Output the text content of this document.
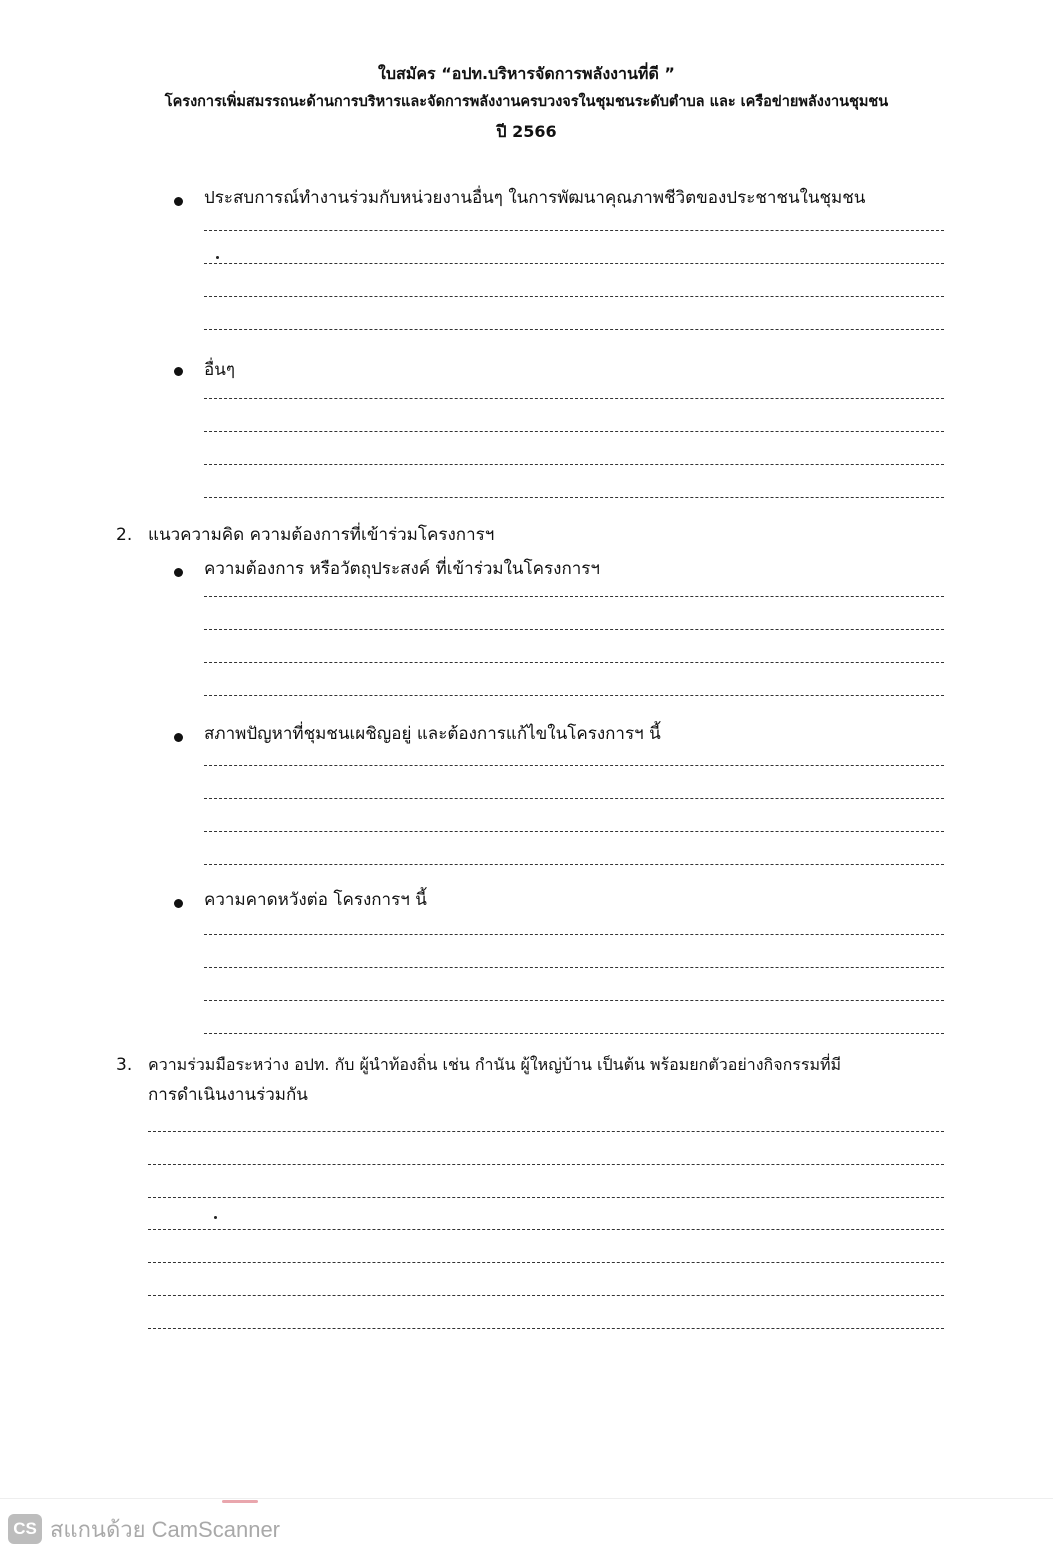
ใบสมัคร “อปท.บริหารจัดการพลังงานที่ดี ”
โครงการเพิ่มสมรรถนะด้านการบริหารและจัดการพลังงานครบวงจรในชุมชนระดับตำบล และ เครือข่ายพลังงานชุมชน
ปี 2566
ประสบการณ์ทำงานร่วมกับหน่วยงานอื่นๆ ในการพัฒนาคุณภาพชีวิตของประชาชนในชุมชน
อื่นๆ
2. แนวความคิด ความต้องการที่เข้าร่วมโครงการฯ
ความต้องการ หรือวัตถุประสงค์ ที่เข้าร่วมในโครงการฯ
สภาพปัญหาที่ชุมชนเผชิญอยู่ และต้องการแก้ไขในโครงการฯ นี้
ความคาดหวังต่อ โครงการฯ นี้
3. ความร่วมมือระหว่าง อปท. กับ ผู้นำท้องถิ่น เช่น กำนัน ผู้ใหญ่บ้าน เป็นต้น พร้อมยกตัวอย่างกิจกรรมที่มี
การดำเนินงานร่วมกัน
CS สแกนด้วย CamScanner
